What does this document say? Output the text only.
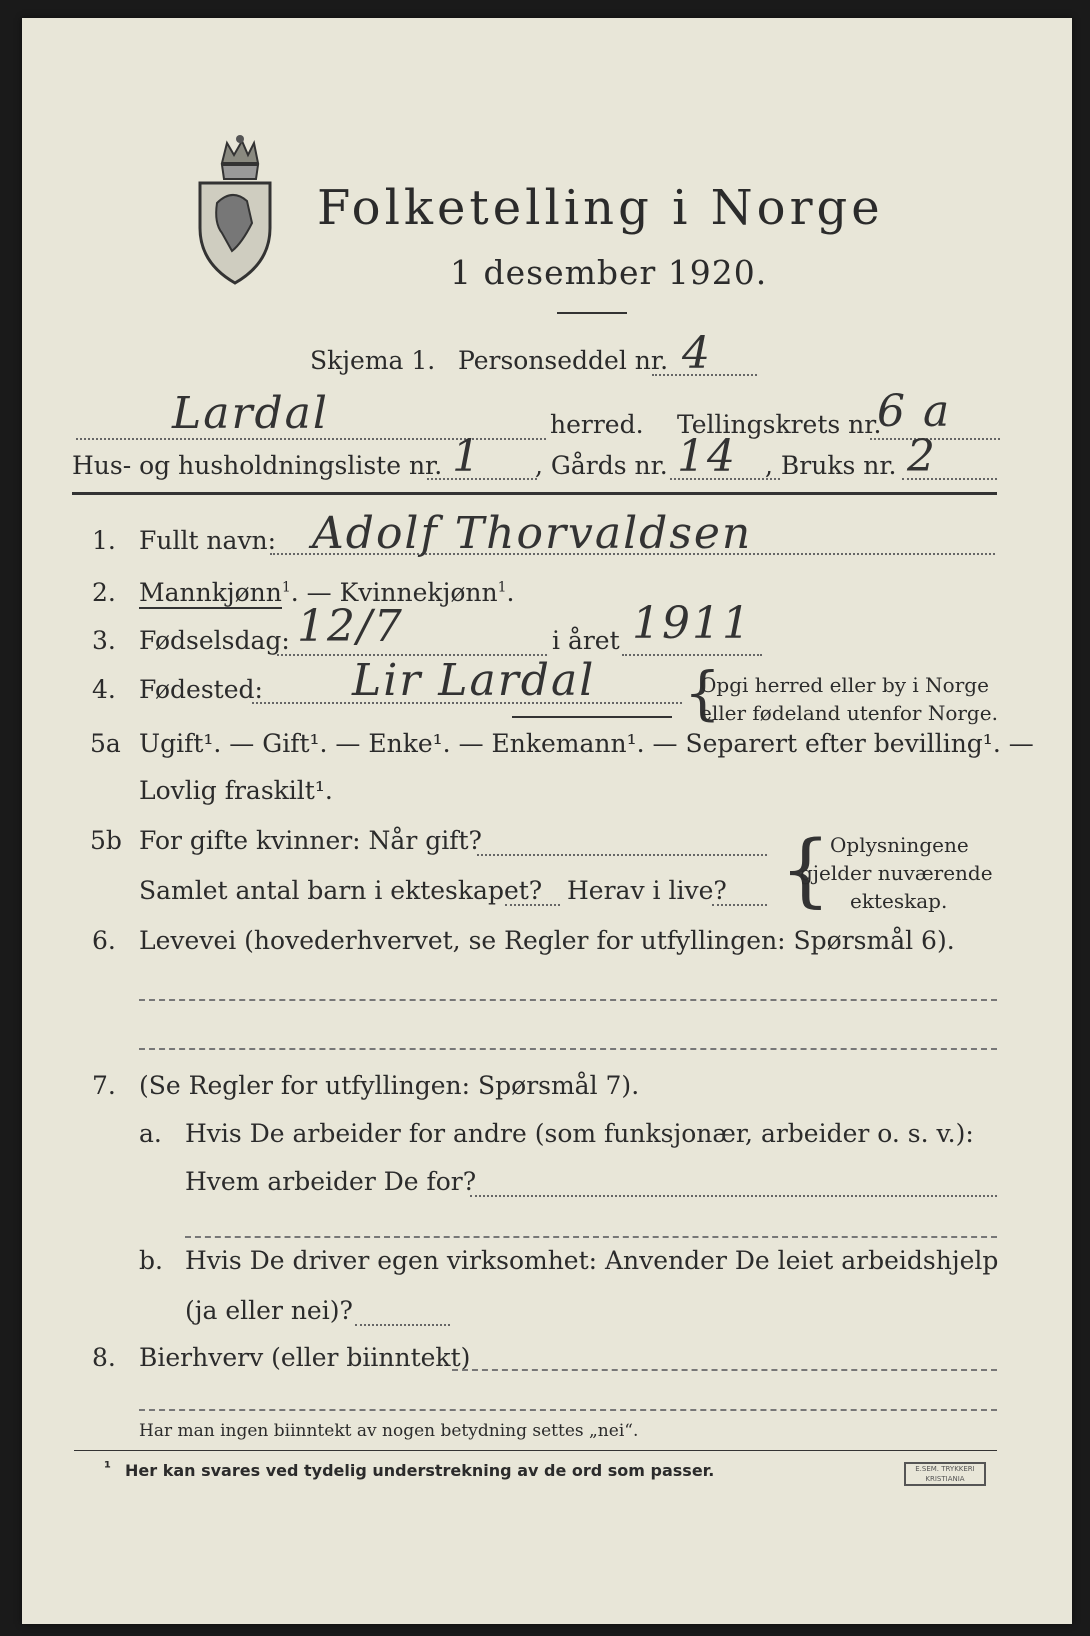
Folketelling i Norge
1 desember 1920.
Skjema 1. Personseddel nr. 4
Lardal	herred. Tellingskrets nr.
6 a
Hus- og husholdningsliste nr. 1 , Gårds nr. 14 , Bruks nr. 2
1. Fullt navn: Adolf Thorvaldsen
2. Mannkjønn$^1$. — Kvinnekjønn$^1$.
3. Fødselsdag: 12/7	i året 1911
4. Fødested: Lir Lardal {
Opgi herred eller by i Norge
eller fødeland utenfor Norge.
5a Ugift¹. — Gift¹. — Enke¹. — Enkemann¹. — Separert efter bevilling¹. —
Lovlig fraskilt¹.
5b For gifte kvinner: Når gift?
Samlet antal barn i ekteskapet? Herav i live? { Oplysningene
gjelder nuværende
ekteskap.
6. Levevei (hovederhvervet, se Regler for utfyllingen: Spørsmål 6).
7. (Se Regler for utfyllingen: Spørsmål 7).
a. Hvis De arbeider for andre (som funksjonær, arbeider o. s. v.):
Hvem arbeider De for?
b. Hvis De driver egen virksomhet: Anvender De leiet arbeidshjelp
(ja eller nei)?
8. Bierhverv (eller biinntekt)
Har man ingen biinntekt av nogen betydning settes „nei“.
¹ Her kan svares ved tydelig understrekning av de ord som passer.	E.SEM. TRYKKERI KRISTIANIA
